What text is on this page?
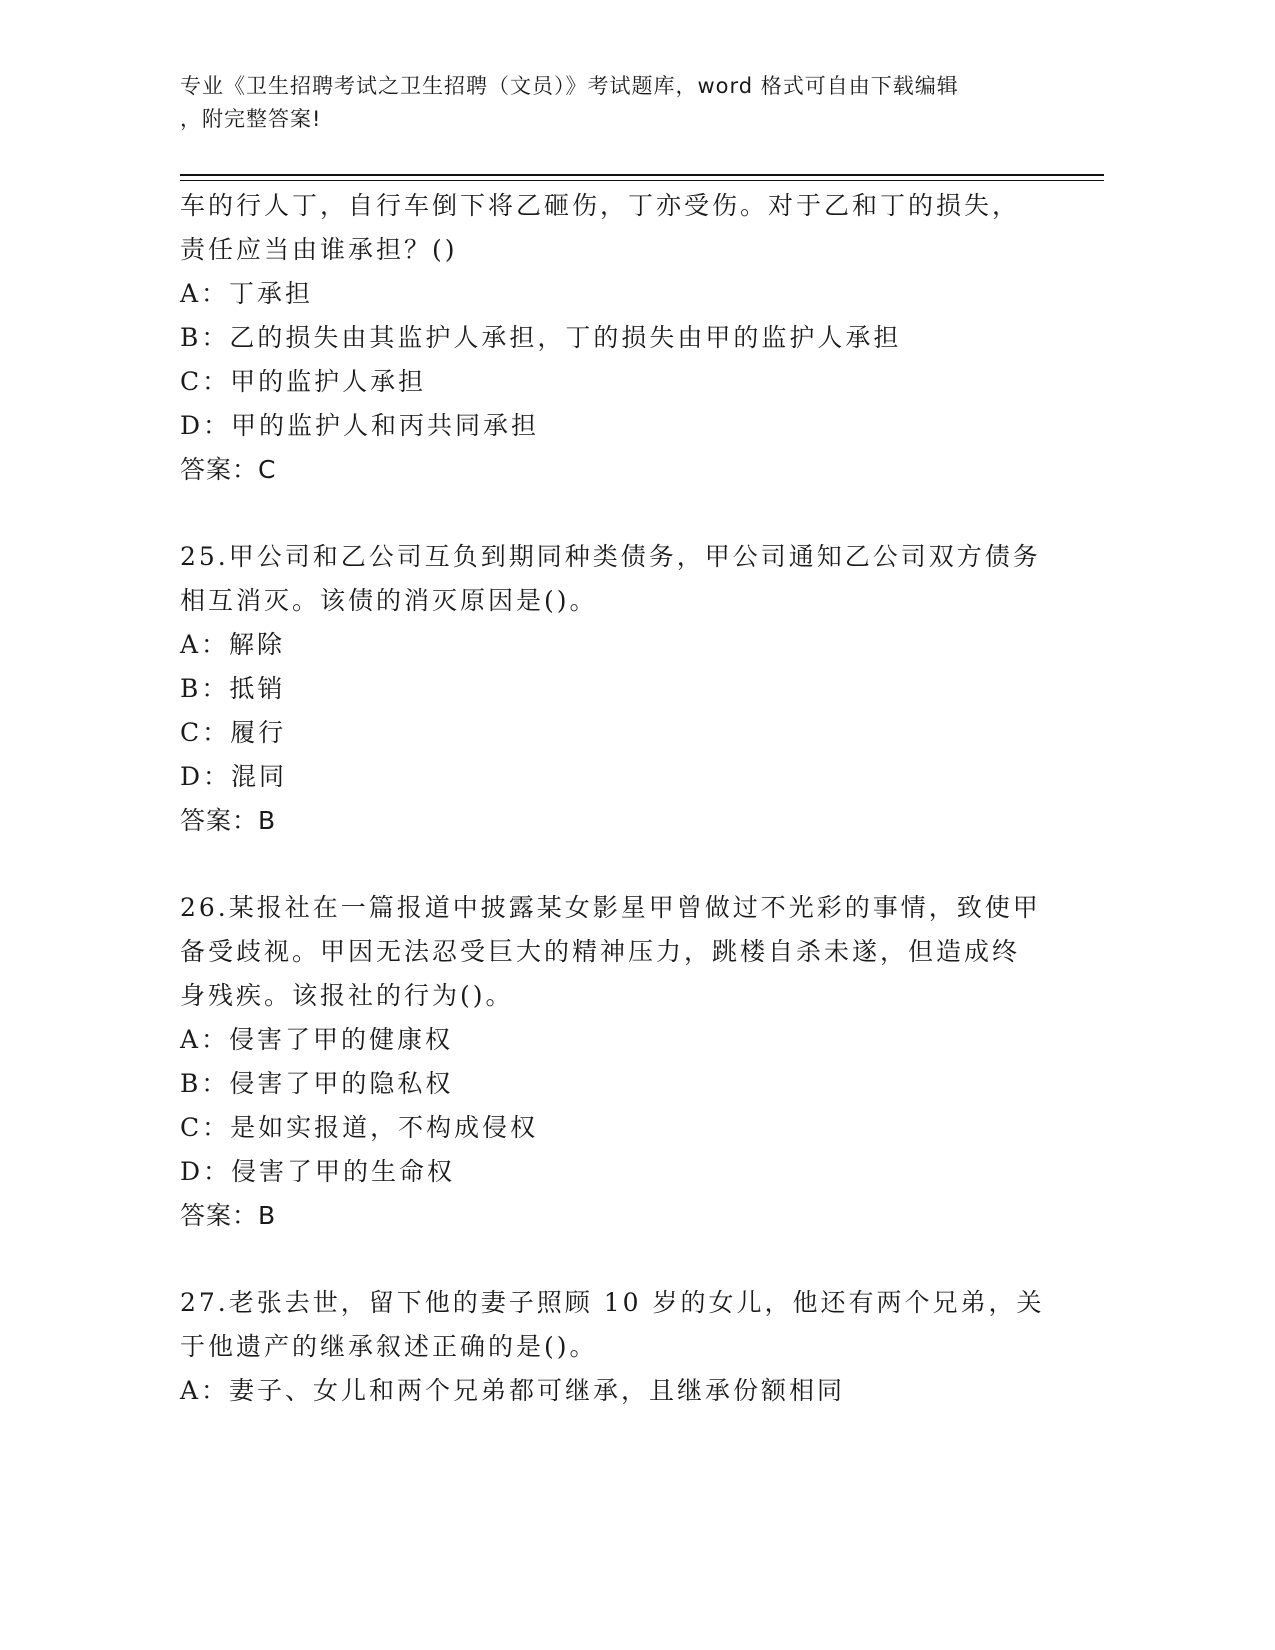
专业《卫生招聘考试之卫生招聘（文员）》考试题库，word 格式可自由下载编辑
，附完整答案!
车的行人丁，自行车倒下将乙砸伤，丁亦受伤。对于乙和丁的损失，
责任应当由谁承担？()
A：丁承担
B：乙的损失由其监护人承担，丁的损失由甲的监护人承担
C：甲的监护人承担
D：甲的监护人和丙共同承担
答案：C
25.甲公司和乙公司互负到期同种类债务，甲公司通知乙公司双方债务
相互消灭。该债的消灭原因是()。
A：解除
B：抵销
C：履行
D：混同
答案：B
26.某报社在一篇报道中披露某女影星甲曾做过不光彩的事情，致使甲
备受歧视。甲因无法忍受巨大的精神压力，跳楼自杀未遂，但造成终
身残疾。该报社的行为()。
A：侵害了甲的健康权
B：侵害了甲的隐私权
C：是如实报道，不构成侵权
D：侵害了甲的生命权
答案：B
27.老张去世，留下他的妻子照顾 10 岁的女儿，他还有两个兄弟，关
于他遗产的继承叙述正确的是()。
A：妻子、女儿和两个兄弟都可继承，且继承份额相同
